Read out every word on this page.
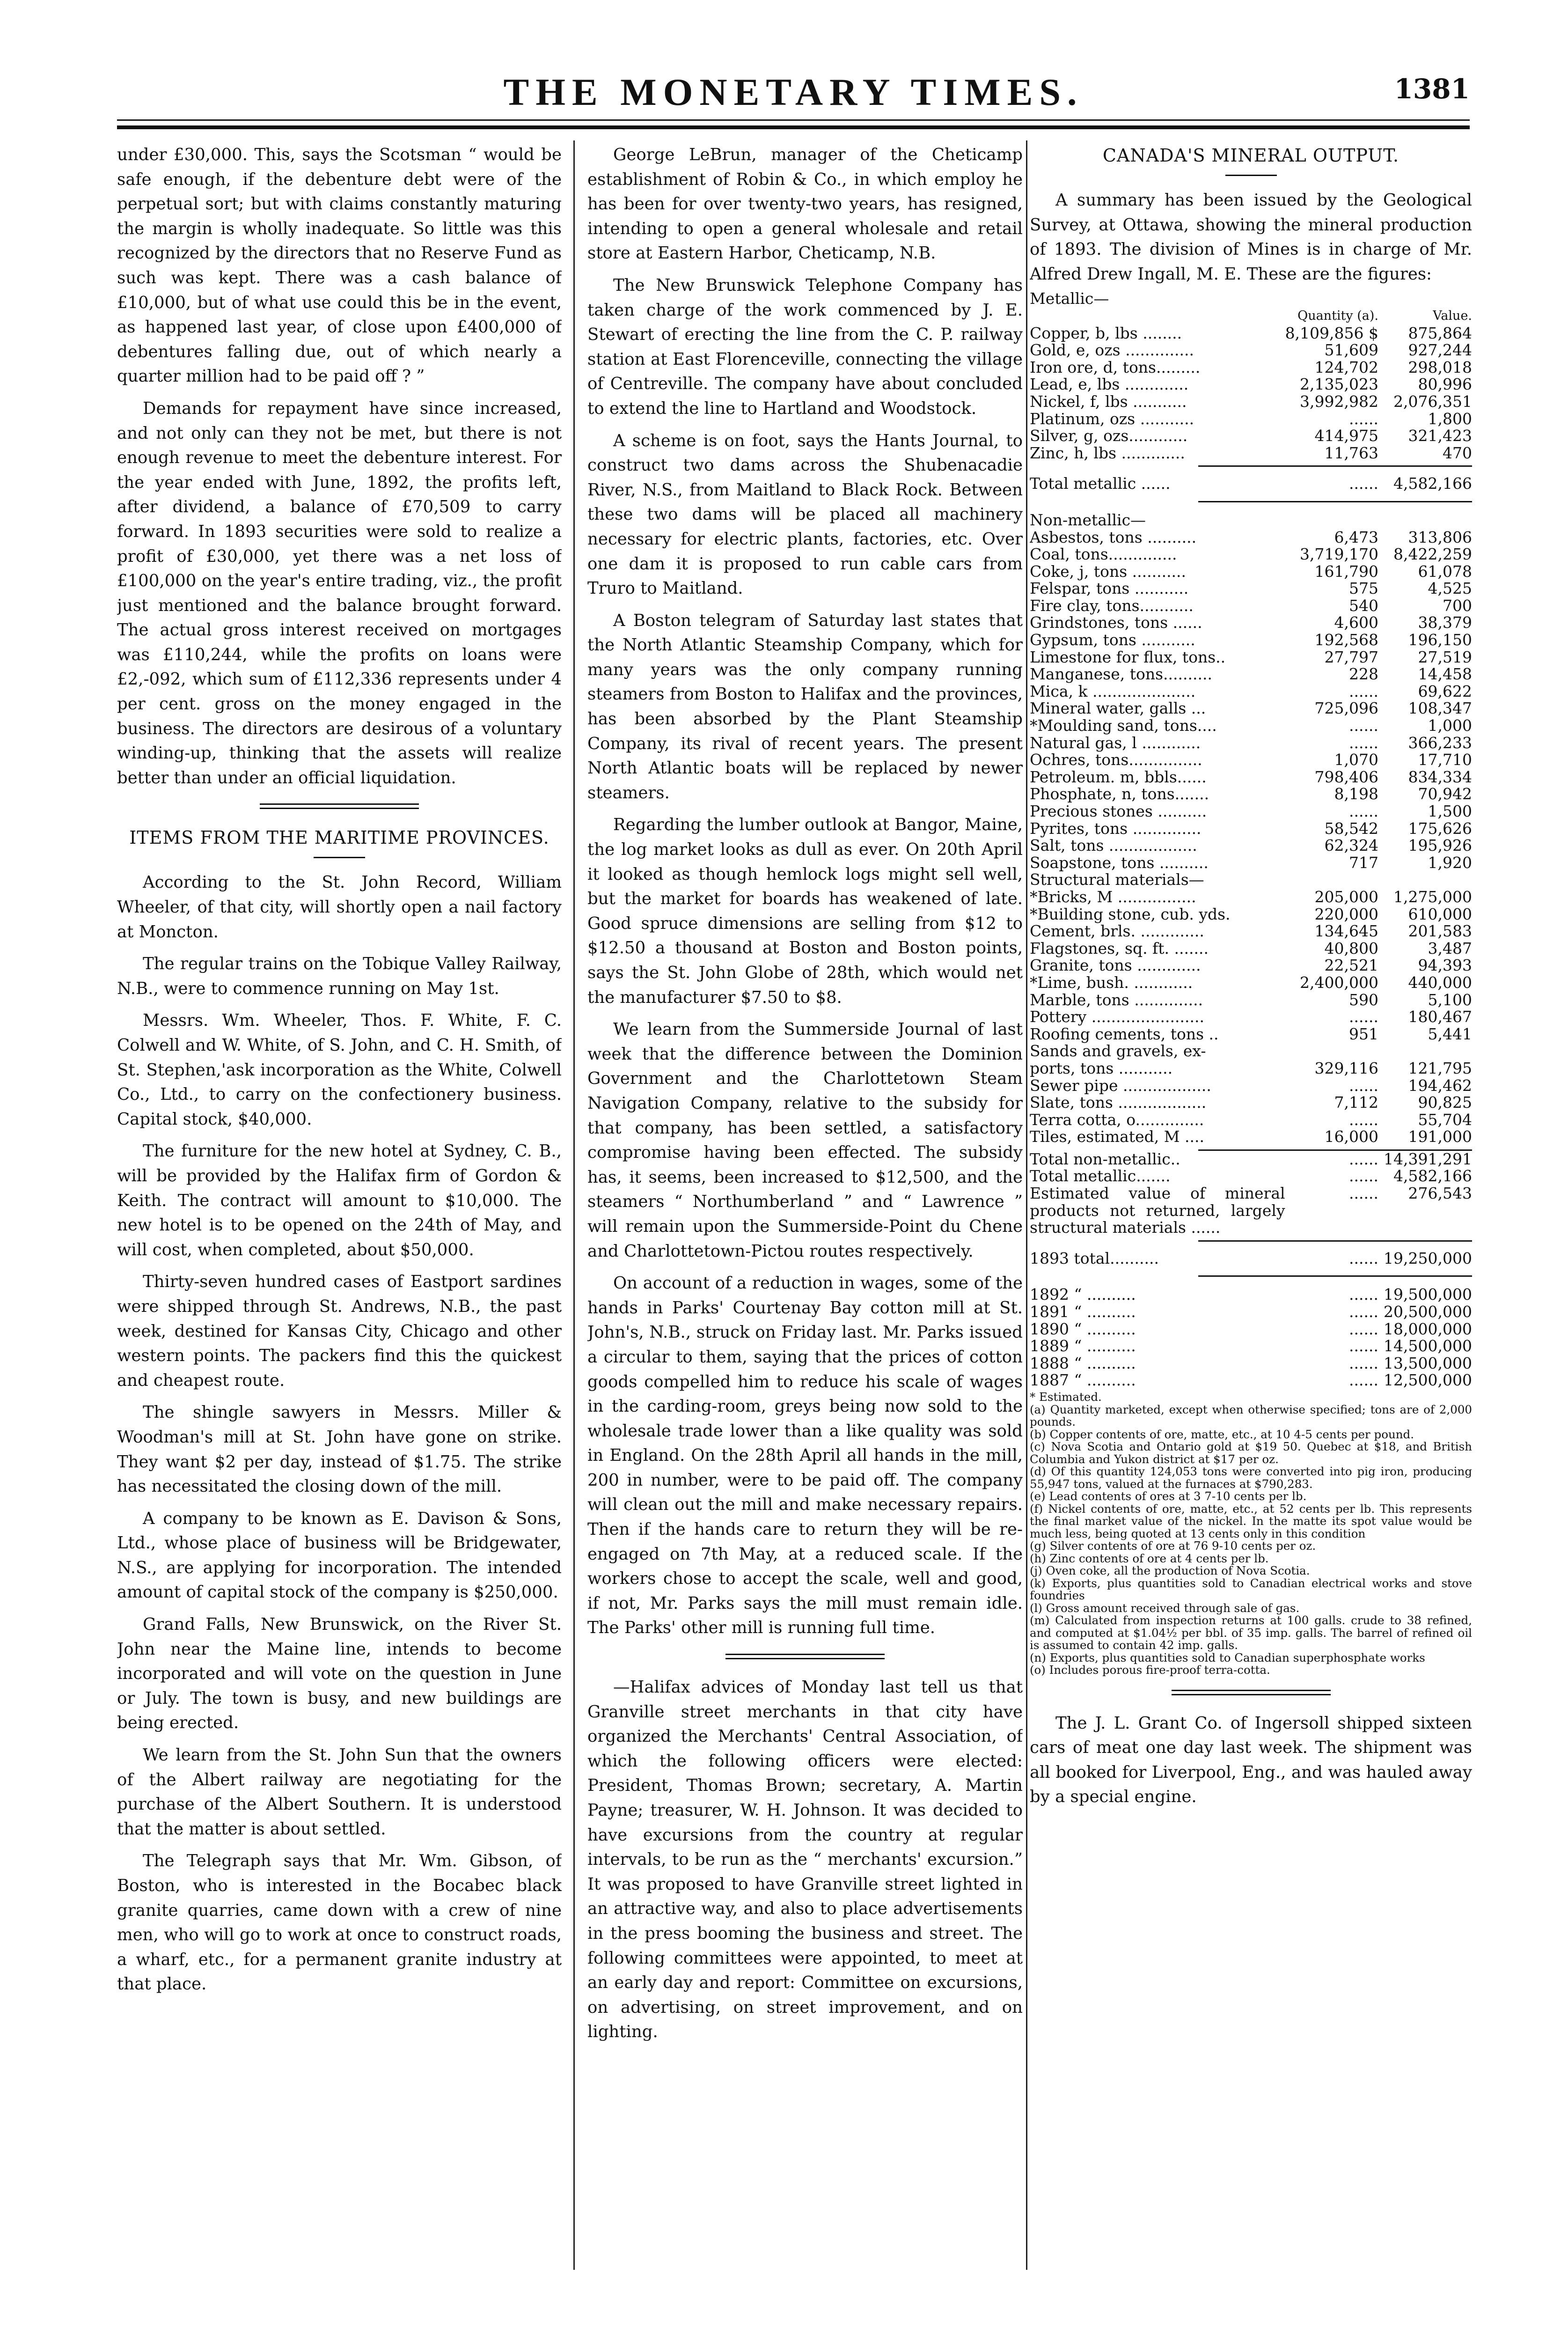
THE MONETARY TIMES.	1381

under £30,000. This, says the Scotsman “ would be safe enough, if the debenture debt were of the perpetual sort; but with claims constantly maturing the margin is wholly inadequate. So little was this recognized by the directors that no Reserve Fund as such was kept. There was a cash balance of £10,000, but of what use could this be in the event, as happened last year, of close upon £400,000 of debentures falling due, out of which nearly a quarter million had to be paid off ? ”

Demands for repayment have since increased, and not only can they not be met, but there is not enough revenue to meet the debenture interest. For the year ended with June, 1892, the profits left, after dividend, a balance of £70,509 to carry forward. In 1893 securities were sold to realize a profit of £30,000, yet there was a net loss of £100,000 on the year's entire trading, viz., the profit just mentioned and the balance brought forward. The actual gross interest received on mortgages was £110,244, while the profits on loans were £2,-092, which sum of £112,336 represents under 4 per cent. gross on the money engaged in the business. The directors are desirous of a voluntary winding-up, thinking that the assets will realize better than under an official liquidation.

ITEMS FROM THE MARITIME PROVINCES.

According to the St. John Record, William Wheeler, of that city, will shortly open a nail factory at Moncton.

The regular trains on the Tobique Valley Railway, N.B., were to commence running on May 1st.

Messrs. Wm. Wheeler, Thos. F. White, F. C. Colwell and W. White, of S. John, and C. H. Smith, of St. Stephen,'ask incorporation as the White, Colwell Co., Ltd., to carry on the confectionery business. Capital stock, $40,000.

The furniture for the new hotel at Sydney, C. B., will be provided by the Halifax firm of Gordon & Keith. The contract will amount to $10,000. The new hotel is to be opened on the 24th of May, and will cost, when completed, about $50,000.

Thirty-seven hundred cases of Eastport sardines were shipped through St. Andrews, N.B., the past week, destined for Kansas City, Chicago and other western points. The packers find this the quickest and cheapest route.

The shingle sawyers in Messrs. Miller & Woodman's mill at St. John have gone on strike. They want $2 per day, instead of $1.75. The strike has necessitated the closing down of the mill.

A company to be known as E. Davison & Sons, Ltd., whose place of business will be Bridgewater, N.S., are applying for incorporation. The intended amount of capital stock of the company is $250,000.

Grand Falls, New Brunswick, on the River St. John near the Maine line, intends to become incorporated and will vote on the question in June or July. The town is busy, and new buildings are being erected.

We learn from the St. John Sun that the owners of the Albert railway are negotiating for the purchase of the Albert Southern. It is understood that the matter is about settled.

The Telegraph says that Mr. Wm. Gibson, of Boston, who is interested in the Bocabec black granite quarries, came down with a crew of nine men, who will go to work at once to construct roads, a wharf, etc., for a permanent granite industry at that place.

George LeBrun, manager of the Cheticamp establishment of Robin & Co., in which employ he has been for over twenty-two years, has resigned, intending to open a general wholesale and retail store at Eastern Harbor, Cheticamp, N.B.

The New Brunswick Telephone Company has taken charge of the work commenced by J. E. Stewart of erecting the line from the C. P. railway station at East Florenceville, connecting the village of Centreville. The company have about concluded to extend the line to Hartland and Woodstock.

A scheme is on foot, says the Hants Journal, to construct two dams across the Shubenacadie River, N.S., from Maitland to Black Rock. Between these two dams will be placed all machinery necessary for electric plants, factories, etc. Over one dam it is proposed to run cable cars from Truro to Maitland.

A Boston telegram of Saturday last states that the North Atlantic Steamship Company, which for many years was the only company running steamers from Boston to Halifax and the provinces, has been absorbed by the Plant Steamship Company, its rival of recent years. The present North Atlantic boats will be replaced by newer steamers.

Regarding the lumber outlook at Bangor, Maine, the log market looks as dull as ever. On 20th April it looked as though hemlock logs might sell well, but the market for boards has weakened of late. Good spruce dimensions are selling from $12 to $12.50 a thousand at Boston and Boston points, says the St. John Globe of 28th, which would net the manufacturer $7.50 to $8.

We learn from the Summerside Journal of last week that the difference between the Dominion Government and the Charlottetown Steam Navigation Company, relative to the subsidy for that company, has been settled, a satisfactory compromise having been effected. The subsidy has, it seems, been increased to $12,500, and the steamers “ Northumberland ” and “ Lawrence ” will remain upon the Summerside-Point du Chene and Charlottetown-Pictou routes respectively.

On account of a reduction in wages, some of the hands in Parks' Courtenay Bay cotton mill at St. John's, N.B., struck on Friday last. Mr. Parks issued a circular to them, saying that the prices of cotton goods compelled him to reduce his scale of wages in the carding-room, greys being now sold to the wholesale trade lower than a like quality was sold in England. On the 28th April all hands in the mill, 200 in number, were to be paid off. The company will clean out the mill and make necessary repairs. Then if the hands care to return they will be re-engaged on 7th May, at a reduced scale. If the workers chose to accept the scale, well and good, if not, Mr. Parks says the mill must remain idle. The Parks' other mill is running full time.

—Halifax advices of Monday last tell us that Granville street merchants in that city have organized the Merchants' Central Association, of which the following officers were elected: President, Thomas Brown; secretary, A. Martin Payne; treasurer, W. H. Johnson. It was decided to have excursions from the country at regular intervals, to be run as the “ merchants' excursion.” It was proposed to have Granville street lighted in an attractive way, and also to place advertisements in the press booming the business and street. The following committees were appointed, to meet at an early day and report: Committee on excursions, on advertising, on street improvement, and on lighting.

CANADA'S MINERAL OUTPUT.

A summary has been issued by the Geological Survey, at Ottawa, showing the mineral production of 1893. The division of Mines is in charge of Mr. Alfred Drew Ingall, M. E. These are the figures:

Metallic—		
	Quantity (a).	Value.
Copper, b, lbs ........	8,109,856 $	875,864
Gold, e, ozs ..............	51,609	927,244
Iron ore, d, tons.........	124,702	298,018
Lead, e, lbs .............	2,135,023	80,996
Nickel, f, lbs ...........	3,992,982	2,076,351
Platinum, ozs ...........	......	1,800
Silver, g, ozs............	414,975	321,423
Zinc, h, lbs .............	11,763	470

Total metallic ......	......	4,582,166

Non-metallic—		
Asbestos, tons ..........	6,473	313,806
Coal, tons..............	3,719,170	8,422,259
Coke, j, tons ...........	161,790	61,078
Felspar, tons ...........	575	4,525
Fire clay, tons...........	540	700
Grindstones, tons ......	4,600	38,379
Gypsum, tons ...........	192,568	196,150
Limestone for flux, tons..	27,797	27,519
Manganese, tons..........	228	14,458
Mica, k .....................	......	69,622
Mineral water, galls ...	725,096	108,347
*Moulding sand, tons....	......	1,000
Natural gas, l ............	......	366,233
Ochres, tons...............	1,070	17,710
Petroleum. m, bbls......	798,406	834,334
Phosphate, n, tons.......	8,198	70,942
Precious stones ..........	......	1,500
Pyrites, tons ..............	58,542	175,626
Salt, tons ..................	62,324	195,926
Soapstone, tons ..........	717	1,920
Structural materials—		
*Bricks, M ................	205,000	1,275,000
*Building stone, cub. yds.	220,000	610,000
Cement, brls. .............	134,645	201,583
Flagstones, sq. ft. .......	40,800	3,487
Granite, tons .............	22,521	94,393
*Lime, bush. ............	2,400,000	440,000
Marble, tons ..............	590	5,100
Pottery .......................	......	180,467
Roofing cements, tons ..	951	5,441
Sands and gravels, ex-		
ports, tons ...........	329,116	121,795
Sewer pipe ..................	......	194,462
Slate, tons ..................	7,112	90,825
Terra cotta, o..............	......	55,704
Tiles, estimated, M ....	16,000	191,000

Total non-metallic..	......	14,391,291
Total metallic.......	......	4,582,166
Estimated value of mineral products not returned, largely structural materials ......	......	276,543

1893 total..........	......	19,250,000

1892 “ ..........	......	19,500,000
1891 “ ..........	......	20,500,000
1890 “ ..........	......	18,000,000
1889 “ ..........	......	14,500,000
1888 “ ..........	......	13,500,000
1887 “ ..........	......	12,500,000
* Estimated.
(a) Quantity marketed, except when otherwise specified; tons are of 2,000 pounds.
(b) Copper contents of ore, matte, etc., at 10 4-5 cents per pound.
(c) Nova Scotia and Ontario gold at $19 50. Quebec at $18, and British Columbia and Yukon district at $17 per oz.
(d) Of this quantity 124,053 tons were converted into pig iron, producing 55,947 tons, valued at the furnaces at $790,283.
(e) Lead contents of ores at 3 7-10 cents per lb.
(f) Nickel contents of ore, matte, etc., at 52 cents per lb. This represents the final market value of the nickel. In the matte its spot value would be much less, being quoted at 13 cents only in this condition
(g) Silver contents of ore at 76 9-10 cents per oz.
(h) Zinc contents of ore at 4 cents per lb.
(j) Oven coke, all the production of Nova Scotia.
(k) Exports, plus quantities sold to Canadian electrical works and stove foundries
(l) Gross amount received through sale of gas.
(m) Calculated from inspection returns at 100 galls. crude to 38 refined, and computed at $1.04½ per bbl. of 35 imp. galls. The barrel of refined oil is assumed to contain 42 imp. galls.
(n) Exports, plus quantities sold to Canadian superphosphate works
(o) Includes porous fire-proof terra-cotta.

The J. L. Grant Co. of Ingersoll shipped sixteen cars of meat one day last week. The shipment was all booked for Liverpool, Eng., and was hauled away by a special engine.
